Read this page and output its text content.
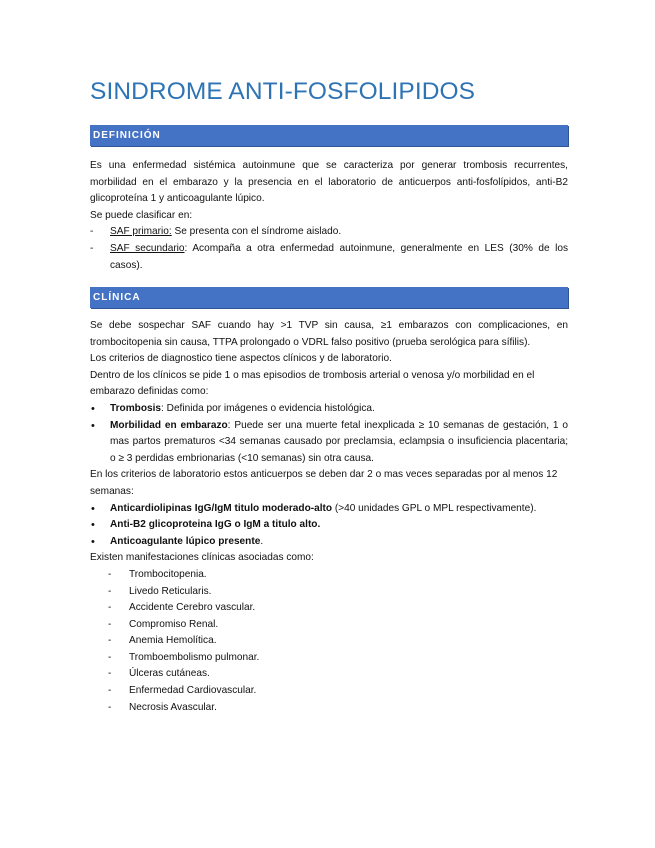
SINDROME ANTI-FOSFOLIPIDOS
DEFINICIÓN

Es una enfermedad sistémica autoinmune que se caracteriza por generar trombosis recurrentes, morbilidad en el embarazo y la presencia en el laboratorio de anticuerpos anti-fosfolípidos, anti-B2 glicoproteína 1 y anticoagulante lúpico.

Se puede clasificar en:

- SAF primario: Se presenta con el síndrome aislado.
- SAF secundario: Acompaña a otra enfermedad autoinmune, generalmente en LES (30% de los casos).
CLÍNICA

Se debe sospechar SAF cuando hay >1 TVP sin causa, ≥1 embarazos con complicaciones, en trombocitopenia sin causa, TTPA prolongado o VDRL falso positivo (prueba serológica para sífilis).

Los criterios de diagnostico tiene aspectos clínicos y de laboratorio.

Dentro de los clínicos se pide 1 o mas episodios de trombosis arterial o venosa y/o morbilidad en el embarazo definidas como:

• Trombosis: Definida por imágenes o evidencia histológica.
• Morbilidad en embarazo: Puede ser una muerte fetal inexplicada ≥ 10 semanas de gestación, 1 o mas partos prematuros <34 semanas causado por preclamsia, eclampsia o insuficiencia placentaria; o ≥ 3 perdidas embrionarias (<10 semanas) sin otra causa.

En los criterios de laboratorio estos anticuerpos se deben dar 2 o mas veces separadas por al menos 12 semanas:

• Anticardiolipinas IgG/IgM titulo moderado-alto (>40 unidades GPL o MPL respectivamente).
• Anti-B2 glicoproteina IgG o IgM a titulo alto.
• Anticoagulante lúpico presente.

Existen manifestaciones clínicas asociadas como:

- Trombocitopenia.
- Livedo Reticularis.
- Accidente Cerebro vascular.
- Compromiso Renal.
- Anemia Hemolítica.
- Tromboembolismo pulmonar.
- Úlceras cutáneas.
- Enfermedad Cardiovascular.
- Necrosis Avascular.
